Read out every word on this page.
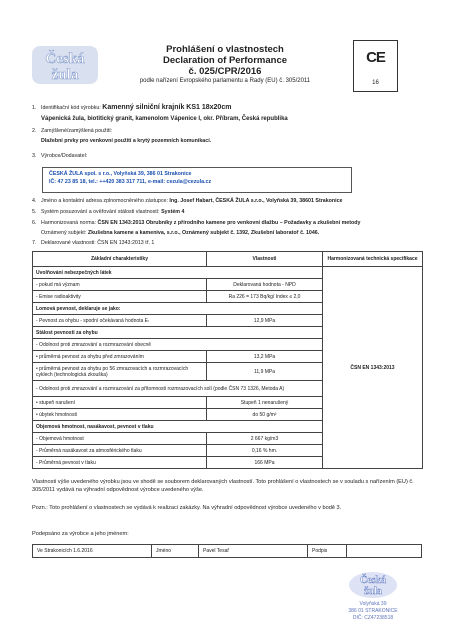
Česká
žula
Prohlášení o vlastnostech
Declaration of Performance
č. 025/CPR/2016
podle nařízení Evropského parlamentu a Rady (EU) č. 305/2011
CE
16
1. Identifikační kód výrobku: Kamenný silniční krajník KS1 18x20cm
Vápenická žula, biotitický granit, kamenolom Vápenice I, okr. Příbram, Česká republika
2. Zamýšlené/zamýšlená použití:
Dlažební prvky pro venkovní použití a krytý pozemních komunikací.
3. Výrobce/Dodavatel:
ČESKÁ ŽULA spol. s r.o., Volyňská 39, 386 01 Strakonice
IČ: 47 23 85 18, tel.: ++420 383 317 711, e-mail: cezula@cezula.cz
4. Jméno a kontaktní adresa zplnomocněného zástupce: Ing. Josef Habart, ČESKÁ ŽULA s.r.o., Volyňská 39, 38601 Strakonice
5. Systém posuzování a ověřování stálosti vlastností: Systém 4
6. Harmonizovaná norma: ČSN EN 1343:2013 Obrubníky z přírodního kamene pro venkovní dlažbu – Požadavky a zkušební metody
Oznámený subjekt: Zkušebna kamene a kameniva, s.r.o., Oznámený subjekt č. 1392, Zkušební laboratoř č. 1046.
7. Deklarované vlastnosti: ČSN EN 1343:2013 tř. 1
Základní charakteristiky	Vlastnosti	Harmonizovaná technická specifikace
Uvolňování nebezpečných látek		ČSN EN 1343:2013
- pokud má význam	Deklarovaná hodnota - NPD	
- Emise radioaktivity	Ra 226 = 173 Bq/kg/ Index ≤ 2,0	
Lomová pevnost, deklaruje se jako:		
- Pevnost za ohybu - spodní očekávaná hodnota Eₗ	12,9 MPa	
Stálost pevnosti za ohybu		
- Odolnost proti zmrazování a rozmrazování obecně		
• průměrná pevnost za ohybu před zmrazováním	13,2 MPa	
• průměrná pevnost za ohybu po 56 zmrazovacích a rozmrazovacích cyklech (technologická zkouška)	11,9 MPa	
- Odolnost proti zmrazování a rozmrazování za přítomnosti rozmrazovacích solí (podle ČSN 73 1326, Metoda A)		
• stupeň narušení	Stupeň 1 nenarušený	
• úbytek hmotnosti	do 50 g/m²	
Objemová hmotnost, nasákavost, pevnost v tlaku		
- Objemová hmotnost	2 667 kg/m3	
- Průměrná nasákavost za atmosférického tlaku	0,16 % hm.	
- Průměrná pevnost v tlaku	166 MPa	
Vlastnosti výše uvedeného výrobku jsou ve shodě se souborem deklarovaných vlastností. Toto prohlášení o vlastnostech se v souladu s nařízením (EU) č. 305/2011 vydává na výhradní odpovědnost výrobce uvedeného výše.
Pozn.: Toto prohlášení o vlastnostech se vydává k realizaci zakázky. Na výhradní odpovědnost výrobce uvedeného v bodě 3.
Podepsáno za výrobce a jeho jménem:
Ve Strakonicích 1.6.2016	Jméno	Pavel Tesař	Podpis	
Česká
žula
Volyňská 39
386 01 STRAKONICE
DIČ: CZ47238518
